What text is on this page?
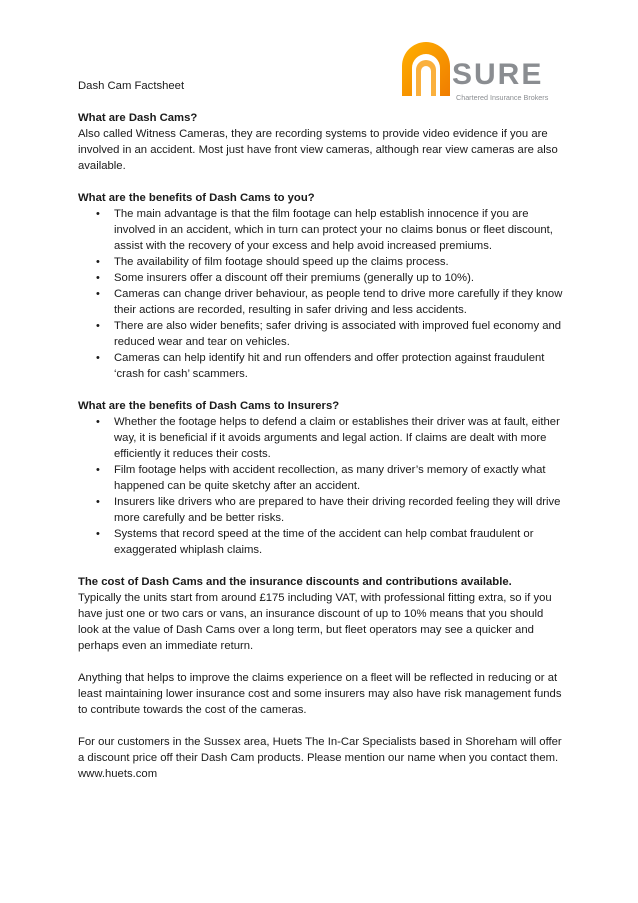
SURE
Chartered Insurance Brokers

Dash Cam Factsheet

What are Dash Cams?

Also called Witness Cameras, they are recording systems to provide video evidence if you are involved in an accident. Most just have front view cameras, although rear view cameras are also available.

What are the benefits of Dash Cams to you?
• The main advantage is that the film footage can help establish innocence if you are involved in an accident, which in turn can protect your no claims bonus or fleet discount, assist with the recovery of your excess and help avoid increased premiums.
• The availability of film footage should speed up the claims process.
• Some insurers offer a discount off their premiums (generally up to 10%).
• Cameras can change driver behaviour, as people tend to drive more carefully if they know their actions are recorded, resulting in safer driving and less accidents.
• There are also wider benefits; safer driving is associated with improved fuel economy and reduced wear and tear on vehicles.
• Cameras can help identify hit and run offenders and offer protection against fraudulent ‘crash for cash’ scammers.
What are the benefits of Dash Cams to Insurers?
• Whether the footage helps to defend a claim or establishes their driver was at fault, either way, it is beneficial if it avoids arguments and legal action. If claims are dealt with more efficiently it reduces their costs.
• Film footage helps with accident recollection, as many driver’s memory of exactly what happened can be quite sketchy after an accident.
• Insurers like drivers who are prepared to have their driving recorded feeling they will drive more carefully and be better risks.
• Systems that record speed at the time of the accident can help combat fraudulent or exaggerated whiplash claims.
The cost of Dash Cams and the insurance discounts and contributions available.

Typically the units start from around £175 including VAT, with professional fitting extra, so if you have just one or two cars or vans, an insurance discount of up to 10% means that you should look at the value of Dash Cams over a long term, but fleet operators may see a quicker and perhaps even an immediate return.

Anything that helps to improve the claims experience on a fleet will be reflected in reducing or at least maintaining lower insurance cost and some insurers may also have risk management funds to contribute towards the cost of the cameras.

For our customers in the Sussex area, Huets The In-Car Specialists based in Shoreham will offer a discount price off their Dash Cam products. Please mention our name when you contact them. www.huets.com
